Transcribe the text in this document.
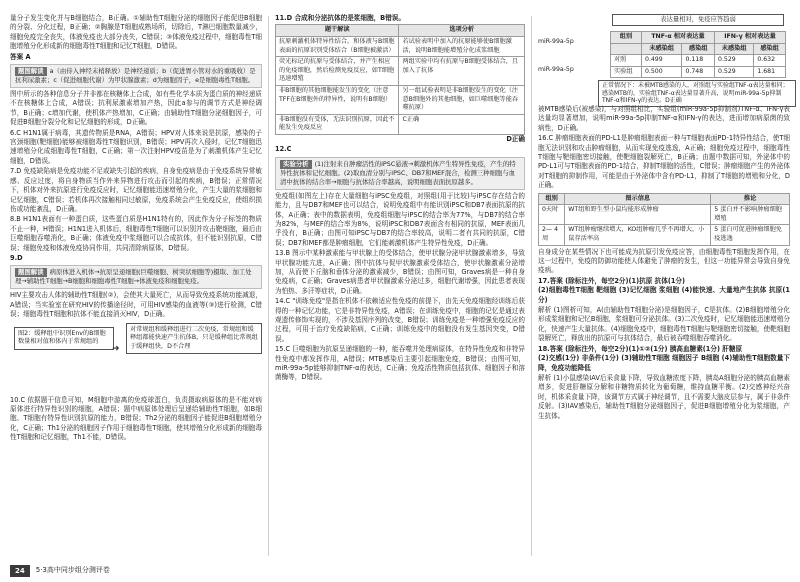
量分子发生变化并与B细胞结合，B正确。①辅助性T细胞分泌的细胞因子能促进B细胞的分裂、分化过程，B正确；②胸腺是T细胞成熟场所，切除后，T淋巴细胞数量减少，细胞免疫完全丧失，体液免疫也大部分丧失，C错误；③体液免疫过程中，细胞毒性T细胞增殖分化形成新的细胞毒性T细胞和记忆T细胞，D错误。

答案 A

题图解读 a（由侍入神经末梢释放）是神经递质；b（促进胃小管对水的重吸收）是抗利尿激素；c（促进细胞代谢）为甲状腺激素；d为细胞因子，e是细胞毒性T细胞。

图中所示的各种信息分子并非都在核糖体上合成，如有些化学本质为蛋白质的神经递质不在核糖体上合成，A错误；抗利尿激素增加产热，因此a参与的调节方式是神经调节，B正确；c增加代谢，使机体产热增加，C正确；由辅助性T细胞分泌细胞因子，可促进B细胞分裂分化和记忆细胞的形成，D正确。

6.C H1N1属于病毒，其遗传物质是RNA，A错误；HPV对人体来说是抗原，感染的子宫颈细胞(靶细胞)能够被细胞毒性T细胞识别，B错误；HPV再次入侵时，记忆T细胞迅速增殖分化成细胞毒性T细胞，C正确；第一次注射HPV疫苗是为了刺激机体产生记忆细胞，D错误。

7.D 免疫缺陷病是免疫功能不足或缺失引起的疾病，自身免疫病是由于免疫系统异常敏感、反应过度，将自身物质当作外来异物进行攻击而引起的疾病，B错误；正常情况下，机体对外来抗原进行免疫反应时，记忆细胞能迅速增殖分化，产生大量的浆细胞和记忆细胞，C错误；若机体再次接触相同过敏原，免疫系统会产生免疫反应，使组织损伤或功能紊乱，D正确。

8.B H1N1表面有一种蛋白质，这些蛋白质是H1N1特有的，因此作为分子标签的物质不止一种，H错误；H1N1进入机体后，细胞毒性T细胞可以识别并攻击靶细胞，最后由巨噬细胞吞噬消化，B正确；体液免疫中浆细胞可以合成抗体，但不能识别抗原，C错误；细胞免疫和体液免疫协同作用，共同清除病原体，D错误。

9.D

题图解读 病原体进入机体→抗原呈递细胞(巨噬细胞、树突状细胞等)摄取、加工处理→辅助性T细胞→B细胞和细胞毒性T细胞→体液免疫和细胞免疫。

HIV主要攻击人体的辅助性T细胞(②)，会使其大量死亡，从而导致免疫系统功能减退，A错误；当实验室在研究HIV的传播途径时，可用HIV感染的血液等(③)进行检测，C错误；细胞毒性T细胞和抗体不能直接消灭HIV，D正确。

图2：缓释组中识别Env的B细胞数量相对值和体内于常规组的
➜
对常规组和缓释组进行二次免疫，常规组和缓释组都能快速产生抗体B，只是缓释组比常规组于缓释组快，D不合理

10.C 依据题干信息可知，M细胞中游离的免疫球蛋白，负责摄取病原体的是不能对病原体进行特异性识别的细胞，A错误；题中病原体处理后呈递给辅助性T细胞，如B细胞、T细胞有特异性识别抗原的能力，B错误；Th2分泌的细胞因子能促进B细胞增殖分化，C正确；Th1分泌的细胞因子作用于细胞毒性T细胞，使其增殖分化形成新的细胞毒性T细胞和记忆细胞，Th1不能，D错误。

11.D 合成和分泌抗体的是浆细胞，B错误。

题干解读	选项分析
抗原刺激机体特异性结合，和体液与B细胞表面的抗原识别受体结合（B细胞被激活）	若试验表明中加入的抗原能够使B细胞激活，说明B细胞能增殖分化成浆细胞
荧光标记的抗原与受体结合，并产生相应的免疫细胞，然后检测免疫反应，如T细胞迅速增殖	两组实验中均有抗原与B细胞受体结合，且加入了抗体
非B细胞的其他细胞能发生的变化（注意TFF在B细胞外的特异性，说明有B细胞）	另一组试验表明是非B细胞发生的变化（注意B细胞外的其他细胞，如巨噬细胞等能吞噬抗原）
非B细胞没有受体，无法识别抗原，因此不能发生免疫反应	C正确

D正确

12.C

实验分析 (1)注射来自肿瘤活性的iPSC悬液→刺激机体产生特异性免疫，产生的特异性抗体和记忆细胞。(2)取血清分别与iPSC、DB7和MEF混合，检测三种细胞与血清中抗体的结合率→细胞与抗体结合率越高，说明细胞表面抗原越多。

免疫组(如图左上)存在大量细胞与iPSC免疫组，对照组(用于比较)与iPSC存在结合的能力，且与DB7和MEF也可以结合，说明免疫组中有能识别iPSC和DB7表面抗原的抗体，A正确；表中的数据表明，免疫组细胞与iPSC的结合率为77%，与DB7的结合率为82%，与MEF的结合率为8%，说明iPSC和DB7表面含有相同的抗原，MEF表面几乎没有，B正确；由图可知iPSC与DB7的结合率较高，说明二者有共同的抗原，C错误；DB7和MEF都是肿瘤细胞，它们能刺激机体产生特异性免疫，D正确。

13.B 图示中某种激素能与甲状腺上的受体结合，使甲状腺分泌甲状腺激素增多，导致甲状腺功能亢进，A正确；图中抗体与促甲状腺激素受体结合，使甲状腺激素分泌增加，从而使下丘脑和垂体分泌的激素减少，B错误；由图可知，Graves病是一种自身免疫病，C正确；Graves病患者甲状腺激素分泌过多，细胞代谢增强，因此患者表现为怕热、多汗等症状，D正确。

14.C "训练免疫"是指在机体不依赖适应性免疫的前提下，由先天免疫细胞经训练后获得的一种记忆功能，它是非特异性免疫，A错误；在训练免疫中，细胞的记忆是通过表观遗传修饰实现的，不涉及基因序列的改变，B错误；训练免疫是一种增强免疫反应的过程，可用于治疗免疫缺陷病，C正确；训练免疫中的细胞没有发生基因突变，D错误。

15.C 巨噬细胞为抗原呈递细胞的一种，能吞噬并处理病原体，在特异性免疫和非特异性免疫中都发挥作用，A错误；MTB感染后主要引起细胞免疫，B错误；由图可知，miR-99a-5p能够抑制TNF-α的表达，C正确；免疫活性物质包括抗体、细胞因子和溶菌酶等，D错误。

表达量相对，免疫应答趋弱
miR-99a-5p
miR-99a-5p
组别	TNF-α 相对表达量		IFN-γ 相对表达量	
	未感染组	感染组	未感染组	感染组
对照	0.499	0.118	0.529	0.632
实验组	0.500	0.748	0.529	1.681
正常情况下：未被MTB感染的人，对照组与实验组TNF-α表达量相同；感染MTB的，实验组TNF-α表达量显著升高，说明miR-99a-5p抑制TNF-α和IFN-γ的表达。D正确

被MTB感染后(被感染)，与对照组相比，实验组(miR-99a-5p抑制剂)TNF-α、IFN-γ表达量均显著增加，说明miR-99a-5p抑制TNF-α和IFN-γ的表达，进而增加病原菌的致病性，D正确。

16.C 肿瘤细胞表面的PD-L1是肿瘤细胞表面一种与T细胞表面PD-1特异性结合，使T细胞无法识别和攻击肿瘤细胞，从而实现免疫逃逸，A正确；细胞免疫过程中，细胞毒性T细胞与靶细胞密切接触，使靶细胞裂解死亡，B正确；由题中数据可知，外泌体中的PD-L1可与T细胞表面的PD-1结合，抑制T细胞的活性，C错误；肿瘤细胞产生的外泌体对T细胞的抑制作用，可能是由于外泌体中含有PD-L1，抑制了T细胞的增殖和分化，D正确。

组别	图示信息	推论
0天时	WT组和野生型小鼠均能形成肿瘤	5 蛋白并不影响肿瘤细胞增殖
2— 4周	WT组肿瘤继续增大，KO组肿瘤几乎不再增大，小鼠存活率高	5 蛋白可促进肿瘤细胞免疫逃逸

自身成分在某些情况下也可能成为抗原引发免疫应答，由细胞毒性T细胞发挥作用，在这一过程中，免疫的防御功能使人体避免了肿瘤的发生，但这一功能异常会导致自身免疫病。

17.答案 (除标注外，每空2分)(1)抗原 抗体(1分)
(2)细胞毒性T细胞 靶细胞 (3)记忆细胞 浆细胞 (4)能快速、大量地产生抗体 抗原(1分)

解析 (1)图析可知，A(由辅助性T细胞分泌)是细胞因子，C是抗体。(2)B细胞增殖分化形成浆细胞和记忆B细胞，浆细胞可分泌抗体。(3)二次免疫时，记忆细胞能迅速增殖分化，快速产生大量抗体。(4)细胞免疫中，细胞毒性T细胞与靶细胞密切接触，使靶细胞裂解死亡，释放出的抗原可与抗体结合，最后被吞噬细胞吞噬消化。

18.答案 (除标注外，每空2分)(1)①②(1分) 胰高血糖素(1分) 肝糖原
(2)交感(1分) 非条件(1分) (3)辅助性T细胞 细胞因子 B细胞 (4)辅助性T细胞数量下降，免疫功能降低

解析 (1)小鼠感染IAV后采食量下降，导致血糖浓度下降，胰岛A细胞分泌的胰高血糖素增多，促进肝糖原分解和非糖物质转化为葡萄糖，维持血糖平衡。(2)交感神经兴奋时，机体采食量下降，该调节方式属于神经调节，且不需要大脑皮层参与，属于非条件反射。(3)IAV感染后，辅助性T细胞分泌细胞因子，促进B细胞增殖分化为浆细胞，产生抗体。

24	5·3高中同步组分测评卷
